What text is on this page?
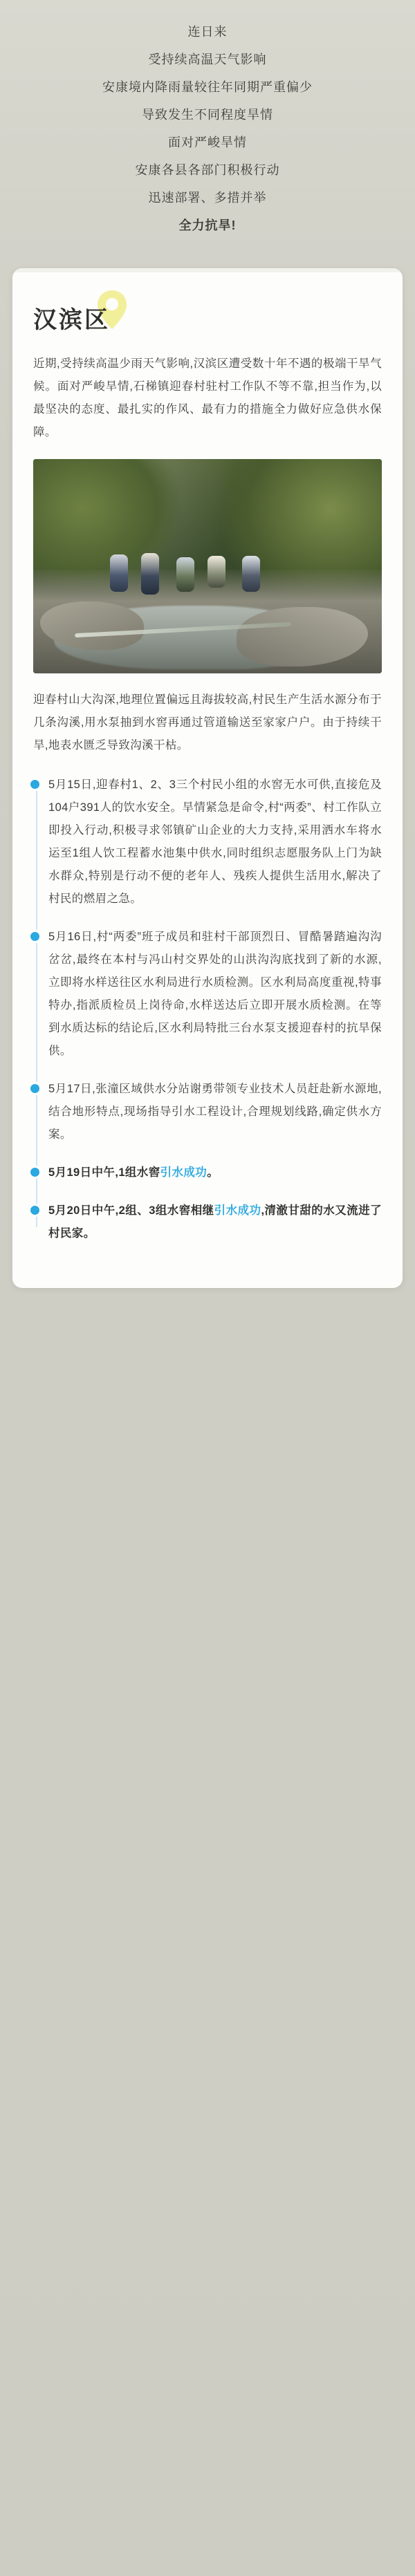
连日来
受持续高温天气影响
安康境内降雨量较往年同期严重偏少
导致发生不同程度旱情
面对严峻旱情
安康各县各部门积极行动
迅速部署、多措并举
全力抗旱!
汉滨区

近期,受持续高温少雨天气影响,汉滨区遭受数十年不遇的极端干旱气候。面对严峻旱情,石梯镇迎春村驻村工作队不等不靠,担当作为,以最坚决的态度、最扎实的作风、最有力的措施全力做好应急供水保障。

迎春村山大沟深,地理位置偏远且海拔较高,村民生产生活水源分布于几条沟溪,用水泵抽到水窖再通过管道输送至家家户户。由于持续干旱,地表水匮乏导致沟溪干枯。

5月15日,迎春村1、2、3三个村民小组的水窖无水可供,直接危及104户391人的饮水安全。旱情紧急是命令,村“两委”、村工作队立即投入行动,积极寻求邻镇矿山企业的大力支持,采用洒水车将水运至1组人饮工程蓄水池集中供水,同时组织志愿服务队上门为缺水群众,特别是行动不便的老年人、残疾人提供生活用水,解决了村民的燃眉之急。
5月16日,村“两委”班子成员和驻村干部顶烈日、冒酷暑踏遍沟沟岔岔,最终在本村与冯山村交界处的山洪沟沟底找到了新的水源,立即将水样送往区水利局进行水质检测。区水利局高度重视,特事特办,指派质检员上岗待命,水样送达后立即开展水质检测。在等到水质达标的结论后,区水利局特批三台水泵支援迎春村的抗旱保供。
5月17日,张潼区域供水分站谢勇带领专业技术人员赶赴新水源地,结合地形特点,现场指导引水工程设计,合理规划线路,确定供水方案。
5月19日中午,1组水窖引水成功。
5月20日中午,2组、3组水窖相继引水成功,清澈甘甜的水又流进了村民家。
